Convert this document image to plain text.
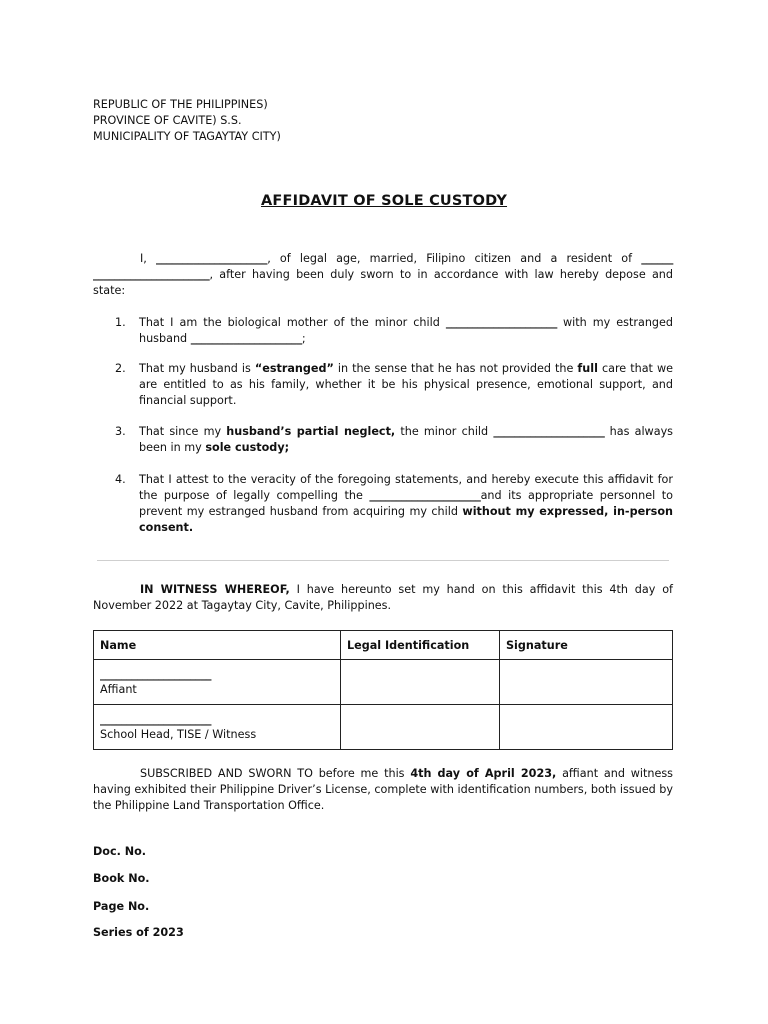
REPUBLIC OF THE PHILIPPINES)
PROVINCE OF CAVITE) S.S.
MUNICIPALITY OF TAGAYTAY CITY)
AFFIDAVIT OF SOLE CUSTODY
I, _____________________, of legal age, married, Filipino citizen and a resident of ______ ______________________, after having been duly sworn to in accordance with law hereby depose and state:
1.	That I am the biological mother of the minor child _____________________ with my estranged husband _____________________;
2.	That my husband is “estranged” in the sense that he has not provided the full care that we are entitled to as his family, whether it be his physical presence, emotional support, and financial support.
3.	That since my husband’s partial neglect, the minor child _____________________ has always been in my sole custody;
4.	That I attest to the veracity of the foregoing statements, and hereby execute this affidavit for the purpose of legally compelling the _____________________and its appropriate personnel to prevent my estranged husband from acquiring my child without my expressed, in-person consent.
IN WITNESS WHEREOF, I have hereunto set my hand on this affidavit this 4th day of November 2022 at Tagaytay City, Cavite, Philippines.
Name	Legal Identification	Signature

_____________________
Affiant		

_____________________
School Head, TISE / Witness		

SUBSCRIBED AND SWORN TO before me this 4th day of April 2023, affiant and witness having exhibited their Philippine Driver’s License, complete with identification numbers, both issued by the Philippine Land Transportation Office.
Doc. No.
Book No.
Page No.
Series of 2023
